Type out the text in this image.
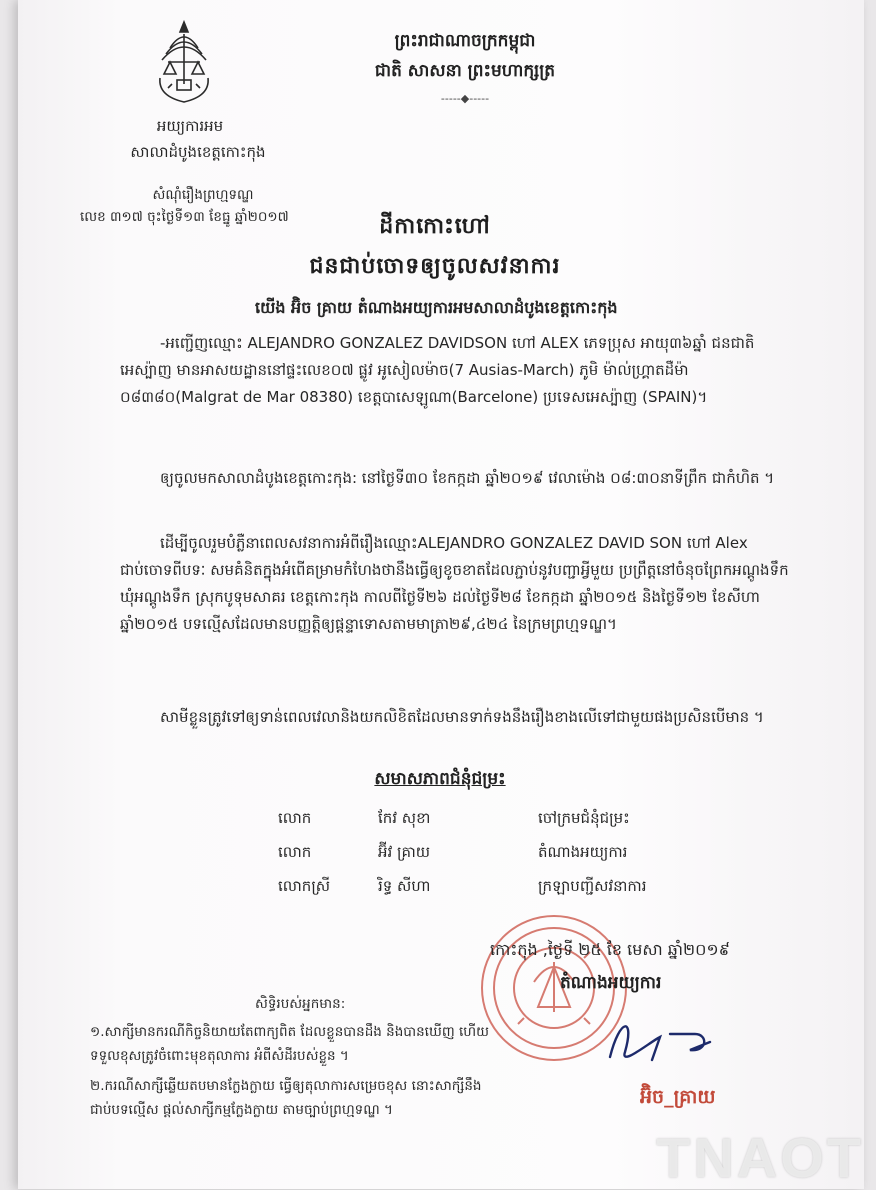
ព្រះរាជាណាចក្រកម្ពុជា
ជាតិ សាសនា ព្រះមហាក្សត្រ
-----◆-----
អយ្យការអម
សាលាដំបូងខេត្តកោះកុង
សំណុំរឿងព្រហ្មទណ្ឌ
លេខ ៣១៧ ចុះថ្ងៃទី១៣ ខែធ្នូ ឆ្នាំ២០១៧	ដីកាកោះហៅ
ជនជាប់ចោទឲ្យចូលសវនាការ
យើង អ៊ិច គ្រាយ តំណាងអយ្យការអមសាលាដំបូងខេត្តកោះកុង
-អញ្ជើញឈ្មោះ ALEJANDRO GONZALEZ DAVIDSON ហៅ ALEX ភេទប្រុស អាយុ៣៦ឆ្នាំ ជនជាតិអេស្ប៉ាញ មានអាសយដ្ឋាននៅផ្ទះលេខ០៧ ផ្លូវ អូសៀលម៉ាច(7 Ausias-March) ភូមិ ម៉ាល់ហ្គ្រាតដឺម៉ា ០៨៣៨០(Malgrat de Mar 08380) ខេត្តបាសេឡូណា(Barcelone) ប្រទេសអេស្ប៉ាញ (SPAIN)។
ឲ្យចូលមកសាលាដំបូងខេត្តកោះកុង: នៅថ្ងៃទី៣០ ខែកក្កដា ឆ្នាំ២០១៩ វេលាម៉ោង ០៨:៣០នាទីព្រឹក ជាកំហិត ។
ដើម្បីចូលរួមបំភ្លឺនាពេលសវនាការអំពីរឿងឈ្មោះALEJANDRO GONZALEZ DAVID SON ហៅ Alex ជាប់ចោទពីបទៈ សមគំនិតក្នុងអំពើគម្រាមកំហែងថានឹងធ្វើឲ្យខូចខាតដែលភ្ជាប់នូវបញ្ជាអ្វីមួយ ប្រព្រឹត្តនៅចំនុចព្រែកអណ្តូងទឹក ឃុំអណ្តូងទឹក ស្រុកបូទុមសាគរ ខេត្តកោះកុង កាលពីថ្ងៃទី២៦ ដល់ថ្ងៃទី២៨ ខែកក្កដា ឆ្នាំ២០១៥ និងថ្ងៃទី១២ ខែសីហា ឆ្នាំ២០១៥ បទល្មើសដែលមានបញ្ញត្តិឲ្យផ្តន្ទាទោសតាមមាត្រា២៩,៤២៤ នៃក្រមព្រហ្មទណ្ឌ។
សាមីខ្លួនត្រូវទៅឲ្យទាន់ពេលវេលានិងយកលិខិតដែលមានទាក់ទងនឹងរឿងខាងលើទៅជាមួយផងប្រសិនបើមាន ។
សមាសភាពជំនុំជម្រះ
លោក	កែវ សុខា	ចៅក្រមជំនុំជម្រះ
លោក	អ៊ីវ គ្រាយ	តំណាងអយ្យការ
លោកស្រី	រិទ្ធ សីហា	ក្រឡាបញ្ជីសវនាការ
កោះកុង ,ថ្ងៃទី ២៥ ខែ មេសា ឆ្នាំ២០១៩
តំណាងអយ្យការ
អ៊ិច_គ្រាយ
សិទ្ធិរបស់អ្នកមាន:
១.សាក្សីមានករណីកិច្ចនិយាយតែពាក្យពិត ដែលខ្លួនបានដឹង និងបានឃើញ ហើយទទួលខុសត្រូវចំពោះមុខតុលាការ អំពីសំដីរបស់ខ្លួន ។
២.ករណីសាក្សីឆ្លើយតបមានក្លែងក្លាយ ធ្វើឲ្យតុលាការសម្រេចខុស នោះសាក្សីនឹងជាប់បទល្មើស ផ្តល់សាក្សីកម្មក្លែងក្លាយ តាមច្បាប់ព្រហ្មទណ្ឌ ។
TNAOT
